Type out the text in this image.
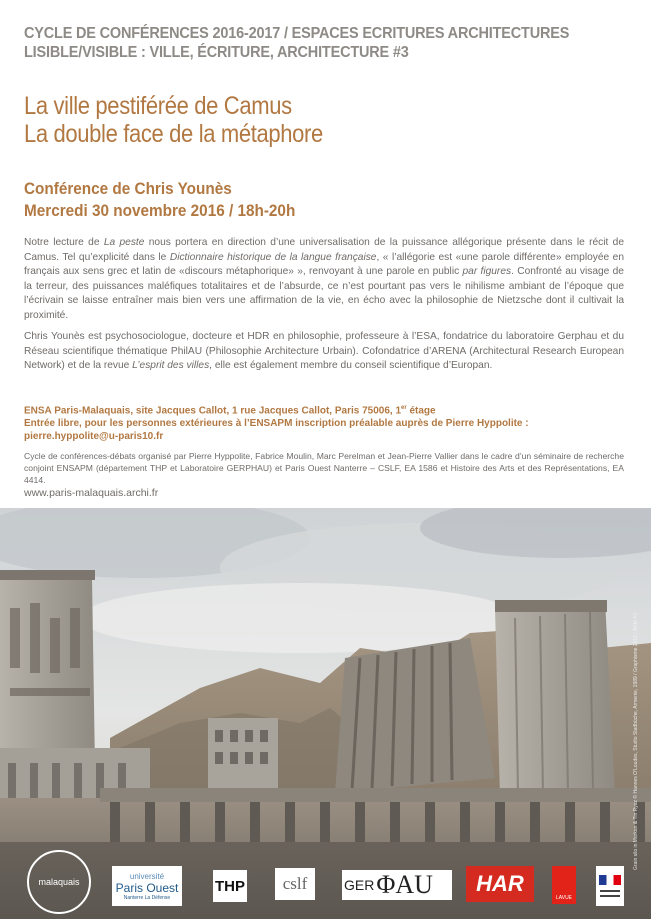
CYCLE DE CONFÉRENCES 2016-2017 / ESPACES ECRITURES ARCHITECTURES
LISIBLE/VISIBLE : VILLE, ÉCRITURE, ARCHITECTURE #3
La ville pestiférée de Camus
La double face de la métaphore
Conférence de Chris Younès
Mercredi 30 novembre 2016 / 18h-20h
Notre lecture de La peste nous portera en direction d’une universalisation de la puissance allégorique présente dans le récit de Camus. Tel qu’explicité dans le Dictionnaire historique de la langue française, « l’allégorie est «une parole différente» employée en français aux sens grec et latin de «discours métaphorique» », renvoyant à une parole en public par figures. Confronté au visage de la terreur, des puissances maléfiques totalitaires et de l’absurde, ce n’est pourtant pas vers le nihilisme ambiant de l’époque que l’écrivain se laisse entraîner mais bien vers une affirmation de la vie, en écho avec la philosophie de Nietzsche dont il cultivait la proximité.
Chris Younès est psychosociologue, docteure et HDR en philosophie, professeure à l’ESA, fondatrice du laboratoire Gerphau et du Réseau scientifique thématique PhilAU (Philosophie Architecture Urbain). Cofondatrice d’ARENA (Architectural Research European Network) et de la revue L’esprit des villes, elle est également membre du conseil scientifique d’Europan.
ENSA Paris-Malaquais, site Jacques Callot, 1 rue Jacques Callot, Paris 75006, 1er étage
Entrée libre, pour les personnes extérieures à l’ENSAPM inscription préalable auprès de Pierre Hyppolite :
pierre.hyppolite@u-paris10.fr
Cycle de conférences-débats organisé par Pierre Hyppolite, Fabrice Moulin, Marc Perelman et Jean-Pierre Vallier dans le cadre d’un séminaire de recherche conjoint ENSAPM (département THP et Laboratoire GERPHAU) et Paris Ouest Nanterre – CSLF, EA 1586 et Histoire des Arts et des Représentations, EA 4414.
www.paris-malaquais.archi.fr
Grain silo in Markan & Tin Ryaz © Hannes O’Loudes, Studio Stadbüche, Armenie, 1989 / Graphisme 2016 / ARM #3
malaquais
université
Paris Ouest
Nanterre La Défense
THP cslf	GER ΦAU HAR
LAVUE
